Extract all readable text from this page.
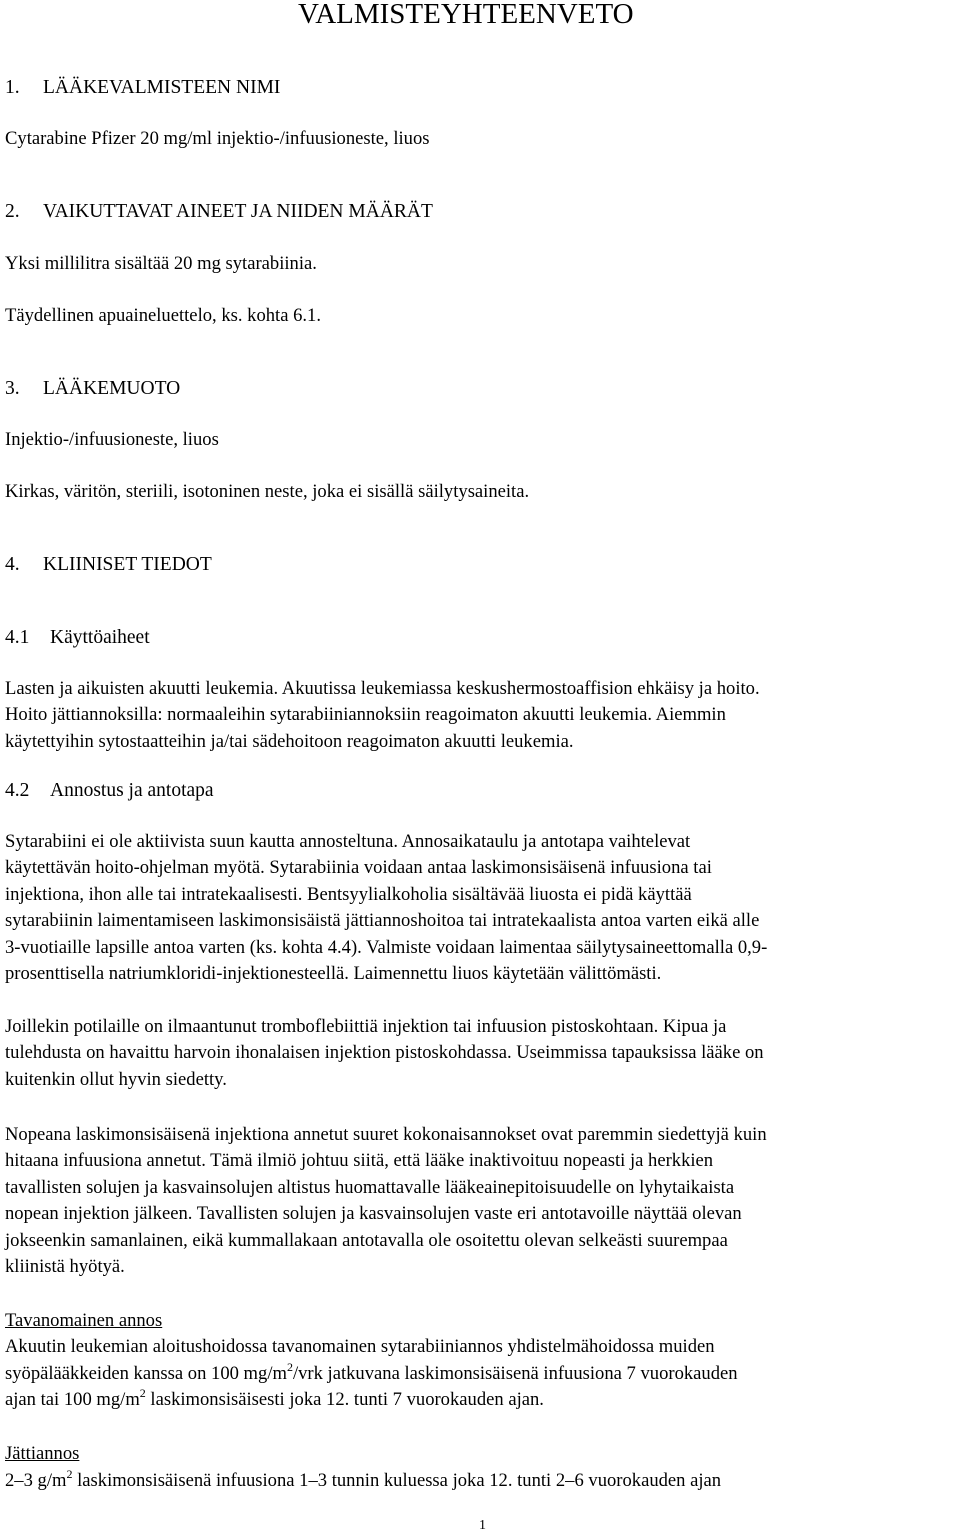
VALMISTEYHTEENVETO
1. LÄÄKEVALMISTEEN NIMI
Cytarabine Pfizer 20 mg/ml injektio-/infuusioneste, liuos
2. VAIKUTTAVAT AINEET JA NIIDEN MÄÄRÄT
Yksi millilitra sisältää 20 mg sytarabiinia.
Täydellinen apuaineluettelo, ks. kohta 6.1.
3. LÄÄKEMUOTO
Injektio-/infuusioneste, liuos
Kirkas, väritön, steriili, isotoninen neste, joka ei sisällä säilytysaineita.
4. KLIINISET TIEDOT
4.1 Käyttöaiheet
Lasten ja aikuisten akuutti leukemia. Akuutissa leukemiassa keskushermostoaffision ehkäisy ja hoito.
Hoito jättiannoksilla: normaaleihin sytarabiiniannoksiin reagoimaton akuutti leukemia. Aiemmin
käytettyihin sytostaatteihin ja/tai sädehoitoon reagoimaton akuutti leukemia.
4.2 Annostus ja antotapa
Sytarabiini ei ole aktiivista suun kautta annosteltuna. Annosaikataulu ja antotapa vaihtelevat
käytettävän hoito-ohjelman myötä. Sytarabiinia voidaan antaa laskimonsisäisenä infuusiona tai
injektiona, ihon alle tai intratekaalisesti. Bentsyylialkoholia sisältävää liuosta ei pidä käyttää
sytarabiinin laimentamiseen laskimonsisäistä jättiannoshoitoa tai intratekaalista antoa varten eikä alle
3-vuotiaille lapsille antoa varten (ks. kohta 4.4). Valmiste voidaan laimentaa säilytysaineettomalla 0,9-
prosenttisella natriumkloridi-injektionesteellä. Laimennettu liuos käytetään välittömästi.
Joillekin potilaille on ilmaantunut tromboflebiittiä injektion tai infuusion pistoskohtaan. Kipua ja
tulehdusta on havaittu harvoin ihonalaisen injektion pistoskohdassa. Useimmissa tapauksissa lääke on
kuitenkin ollut hyvin siedetty.
Nopeana laskimonsisäisenä injektiona annetut suuret kokonaisannokset ovat paremmin siedettyjä kuin
hitaana infuusiona annetut. Tämä ilmiö johtuu siitä, että lääke inaktivoituu nopeasti ja herkkien
tavallisten solujen ja kasvainsolujen altistus huomattavalle lääkeainepitoisuudelle on lyhytaikaista
nopean injektion jälkeen. Tavallisten solujen ja kasvainsolujen vaste eri antotavoille näyttää olevan
jokseenkin samanlainen, eikä kummallakaan antotavalla ole osoitettu olevan selkeästi suurempaa
kliinistä hyötyä.
Tavanomainen annos
Akuutin leukemian aloitushoidossa tavanomainen sytarabiiniannos yhdistelmähoidossa muiden
syöpälääkkeiden kanssa on 100 $mg/m^2$/vrk jatkuvana laskimonsisäisenä infuusiona 7 vuorokauden
ajan tai 100 $mg/m^2$ laskimonsisäisesti joka 12. tunti 7 vuorokauden ajan.
Jättiannos
2–3 $g/m^2$ laskimonsisäisenä infuusiona 1–3 tunnin kuluessa joka 12. tunti 2–6 vuorokauden ajan
1
